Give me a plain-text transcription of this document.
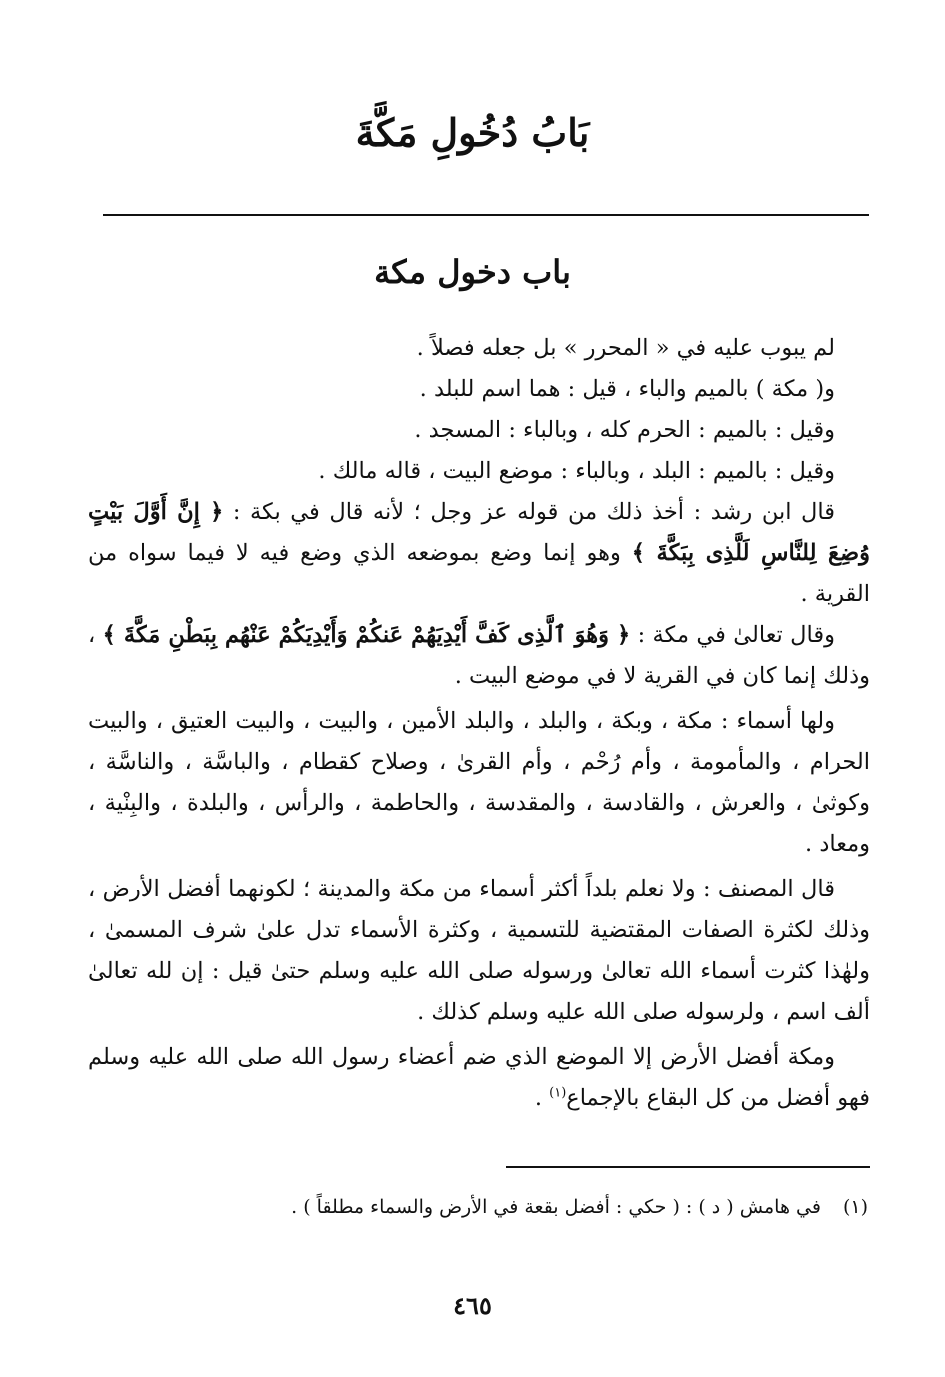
بَابُ دُخُولِ مَكَّةَ
باب دخول مكة

لم يبوب عليه في « المحرر » بل جعله فصلاً .

و( مكة ) بالميم والباء ، قيل : هما اسم للبلد .

وقيل : بالميم : الحرم كله ، وبالباء : المسجد .

وقيل : بالميم : البلد ، وبالباء : موضع البيت ، قاله مالك .

قال ابن رشد : أخذ ذلك من قوله عز وجل ؛ لأنه قال في بكة : ﴿ إِنَّ أَوَّلَ بَيْتٍ وُضِعَ لِلنَّاسِ لَلَّذِى بِبَكَّةَ ﴾ وهو إنما وضع بموضعه الذي وضع فيه لا فيما سواه من القرية .

وقال تعالىٰ في مكة : ﴿ وَهُوَ ٱلَّذِى كَفَّ أَيْدِيَهُمْ عَنكُمْ وَأَيْدِيَكُمْ عَنْهُم بِبَطْنِ مَكَّةَ ﴾ ، وذلك إنما كان في القرية لا في موضع البيت .

ولها أسماء : مكة ، وبكة ، والبلد ، والبلد الأمين ، والبيت ، والبيت العتيق ، والبيت الحرام ، والمأمومة ، وأم رُحْم ، وأم القرىٰ ، وصلاح كقطام ، والباسَّة ، والناسَّة ، وكوثىٰ ، والعرش ، والقادسة ، والمقدسة ، والحاطمة ، والرأس ، والبلدة ، والبِنْية ، ومعاد .

قال المصنف : ولا نعلم بلداً أكثر أسماء من مكة والمدينة ؛ لكونهما أفضل الأرض ، وذلك لكثرة الصفات المقتضية للتسمية ، وكثرة الأسماء تدل علىٰ شرف المسمىٰ ، ولهٰذا كثرت أسماء الله تعالىٰ ورسوله صلى الله عليه وسلم حتىٰ قيل : إن لله تعالىٰ ألف اسم ، ولرسوله صلى الله عليه وسلم كذلك .

ومكة أفضل الأرض إلا الموضع الذي ضم أعضاء رسول الله صلى الله عليه وسلم فهو أفضل من كل البقاع بالإجماع$^{(١)}$ .

(١)في هامش ( د ) : ( حكي : أفضل بقعة في الأرض والسماء مطلقاً ) .

٤٦٥
